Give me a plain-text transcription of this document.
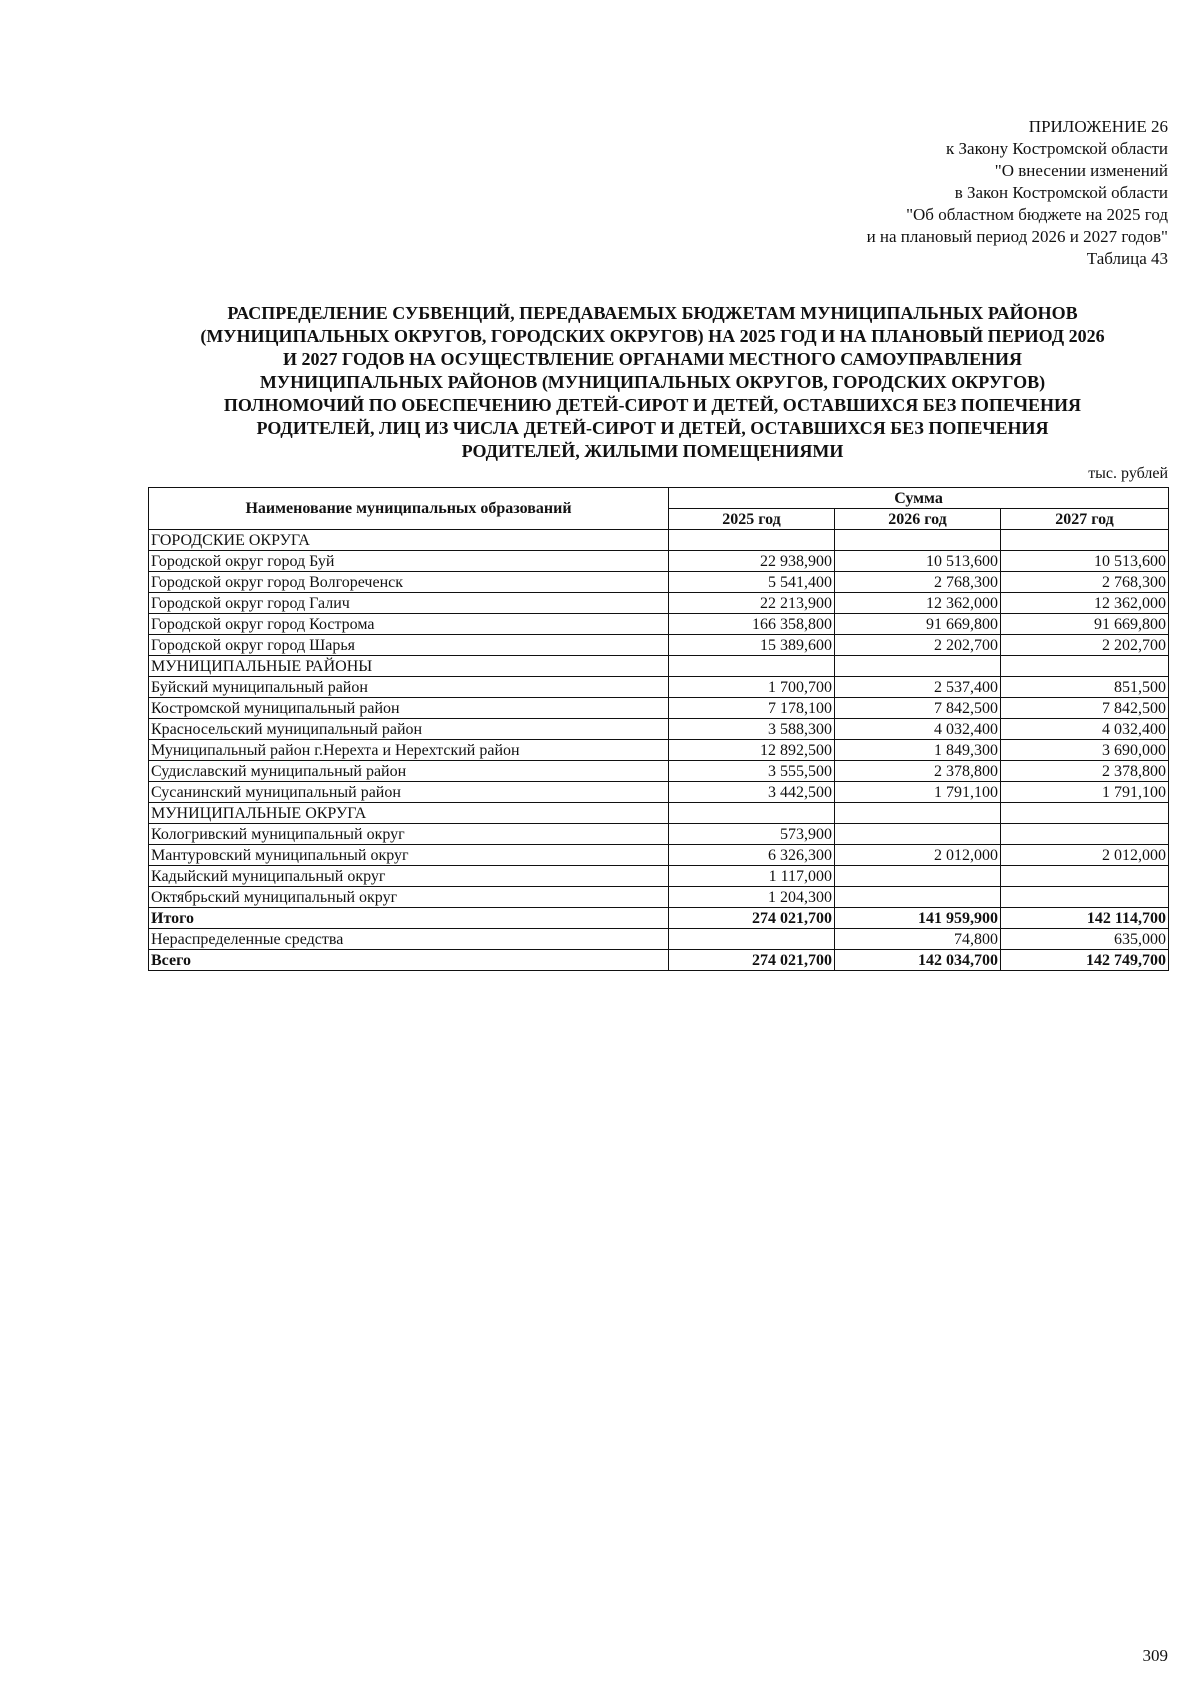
ПРИЛОЖЕНИЕ 26
к Закону Костромской области
"О внесении изменений
в Закон Костромской области
"Об областном бюджете на 2025 год
и на плановый период 2026 и 2027 годов"
Таблица 43
РАСПРЕДЕЛЕНИЕ СУБВЕНЦИЙ, ПЕРЕДАВАЕМЫХ БЮДЖЕТАМ МУНИЦИПАЛЬНЫХ РАЙОНОВ
(МУНИЦИПАЛЬНЫХ ОКРУГОВ, ГОРОДСКИХ ОКРУГОВ) НА 2025 ГОД И НА ПЛАНОВЫЙ ПЕРИОД 2026
И 2027 ГОДОВ НА ОСУЩЕСТВЛЕНИЕ ОРГАНАМИ МЕСТНОГО САМОУПРАВЛЕНИЯ
МУНИЦИПАЛЬНЫХ РАЙОНОВ (МУНИЦИПАЛЬНЫХ ОКРУГОВ, ГОРОДСКИХ ОКРУГОВ)
ПОЛНОМОЧИЙ ПО ОБЕСПЕЧЕНИЮ ДЕТЕЙ-СИРОТ И ДЕТЕЙ, ОСТАВШИХСЯ БЕЗ ПОПЕЧЕНИЯ
РОДИТЕЛЕЙ, ЛИЦ ИЗ ЧИСЛА ДЕТЕЙ-СИРОТ И ДЕТЕЙ, ОСТАВШИХСЯ БЕЗ ПОПЕЧЕНИЯ
РОДИТЕЛЕЙ, ЖИЛЫМИ ПОМЕЩЕНИЯМИ
тыс. рублей
Наименование муниципальных образований	Сумма		
	2025 год	2026 год	2027 год
ГОРОДСКИЕ ОКРУГА			
Городской округ город Буй	22 938,900	10 513,600	10 513,600
Городской округ город Волгореченск	5 541,400	2 768,300	2 768,300
Городской округ город Галич	22 213,900	12 362,000	12 362,000
Городской округ город Кострома	166 358,800	91 669,800	91 669,800
Городской округ город Шарья	15 389,600	2 202,700	2 202,700
МУНИЦИПАЛЬНЫЕ РАЙОНЫ			
Буйский муниципальный район	1 700,700	2 537,400	851,500
Костромской муниципальный район	7 178,100	7 842,500	7 842,500
Красносельский муниципальный район	3 588,300	4 032,400	4 032,400
Муниципальный район г.Нерехта и Нерехтский район	12 892,500	1 849,300	3 690,000
Судиславский муниципальный район	3 555,500	2 378,800	2 378,800
Сусанинский муниципальный район	3 442,500	1 791,100	1 791,100
МУНИЦИПАЛЬНЫЕ ОКРУГА			
Кологривский муниципальный округ	573,900		
Мантуровский муниципальный округ	6 326,300	2 012,000	2 012,000
Кадыйский муниципальный округ	1 117,000		
Октябрьский муниципальный округ	1 204,300		
Итого	274 021,700	141 959,900	142 114,700
Нераспределенные средства		74,800	635,000
Всего	274 021,700	142 034,700	142 749,700
309
